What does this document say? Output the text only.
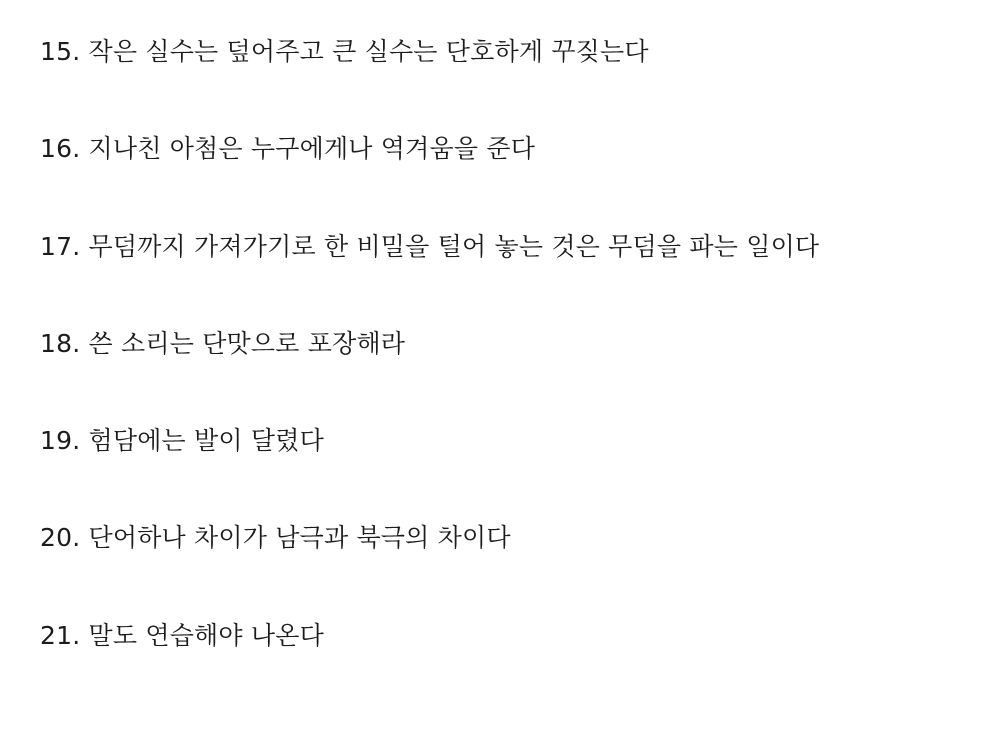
15. 작은 실수는 덮어주고 큰 실수는 단호하게 꾸짖는다

16. 지나친 아첨은 누구에게나 역겨움을 준다

17. 무덤까지 가져가기로 한 비밀을 털어 놓는 것은 무덤을 파는 일이다

18. 쓴 소리는 단맛으로 포장해라

19. 험담에는 발이 달렸다

20. 단어하나 차이가 남극과 북극의 차이다

21. 말도 연습해야 나온다
